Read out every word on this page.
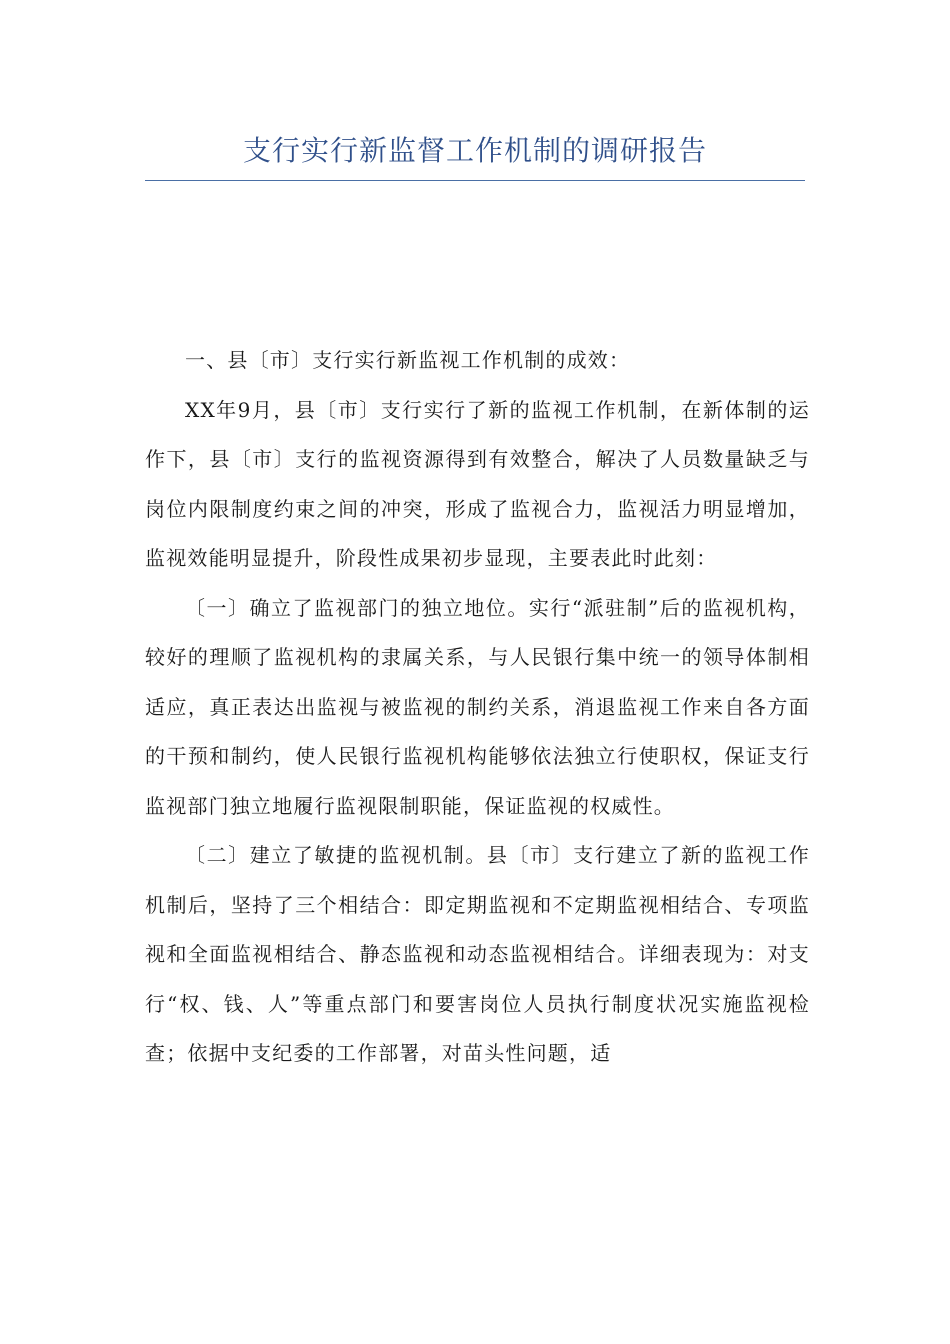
支行实行新监督工作机制的调研报告

一、县〔市〕支行实行新监视工作机制的成效：

XX年9月，县〔市〕支行实行了新的监视工作机制，在新体制的运作下，县〔市〕支行的监视资源得到有效整合，解决了人员数量缺乏与岗位内限制度约束之间的冲突，形成了监视合力，监视活力明显增加，监视效能明显提升，阶段性成果初步显现，主要表此时此刻：

〔一〕确立了监视部门的独立地位。实行“派驻制”后的监视机构，较好的理顺了监视机构的隶属关系，与人民银行集中统一的领导体制相适应，真正表达出监视与被监视的制约关系，消退监视工作来自各方面的干预和制约，使人民银行监视机构能够依法独立行使职权，保证支行监视部门独立地履行监视限制职能，保证监视的权威性。

〔二〕建立了敏捷的监视机制。县〔市〕支行建立了新的监视工作机制后，坚持了三个相结合：即定期监视和不定期监视相结合、专项监视和全面监视相结合、静态监视和动态监视相结合。详细表现为：对支行“权、钱、人”等重点部门和要害岗位人员执行制度状况实施监视检查；依据中支纪委的工作部署，对苗头性问题，适
